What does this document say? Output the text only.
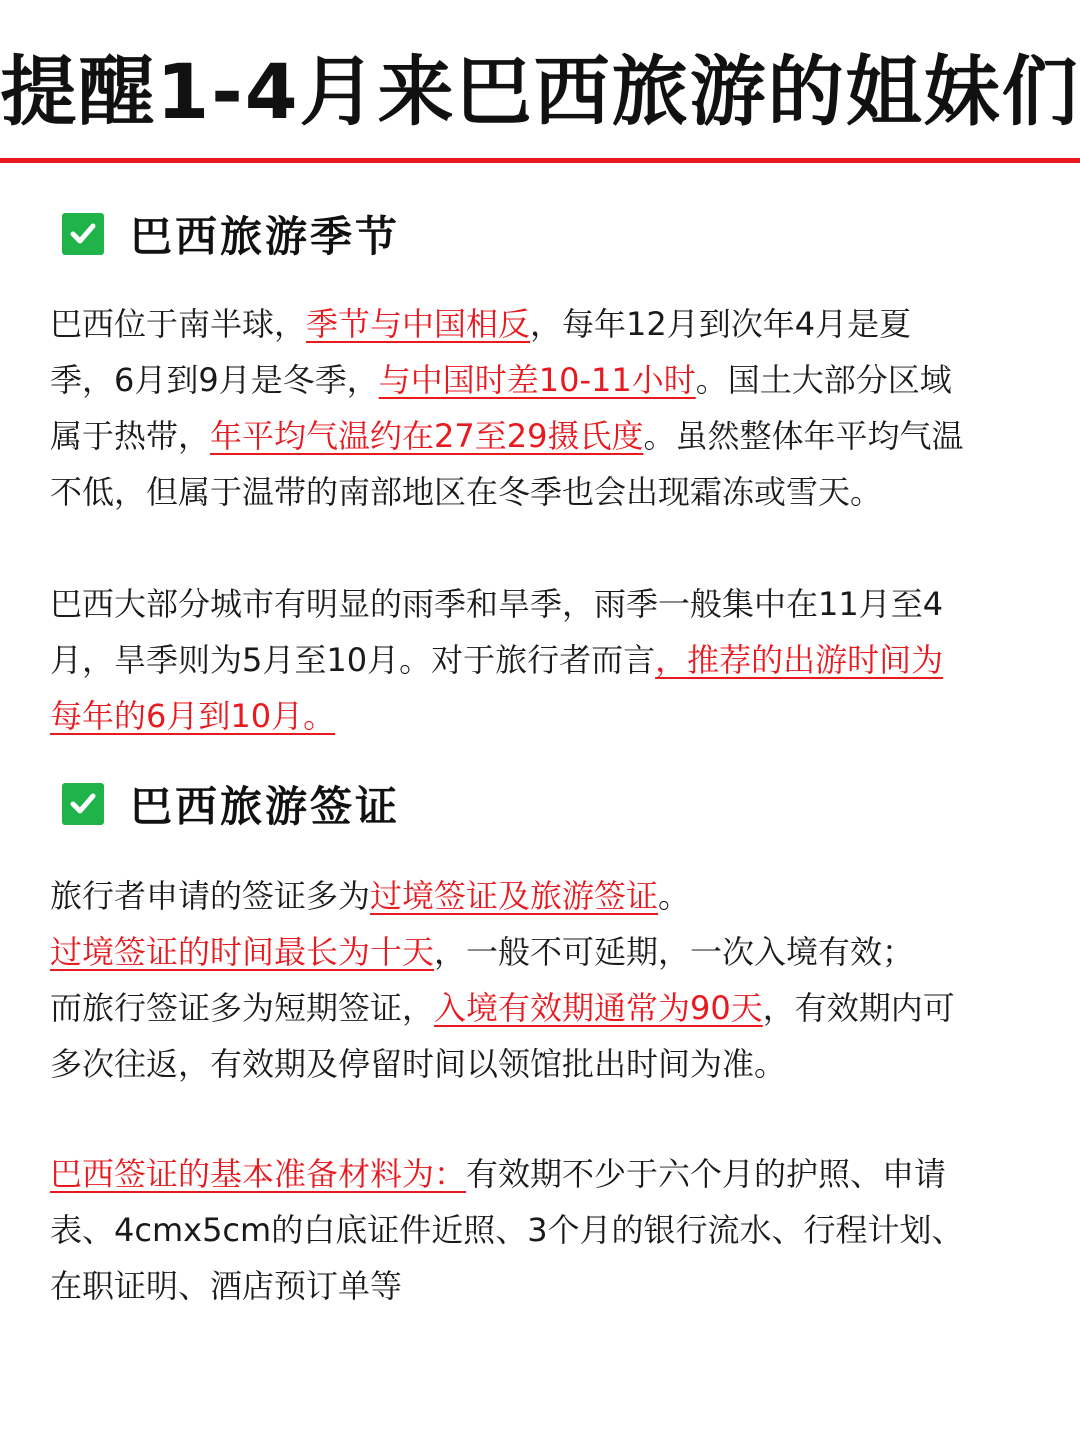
提醒1-4月来巴西旅游的姐妹们
巴西旅游季节
巴西位于南半球，季节与中国相反，每年12月到次年4月是夏
季，6月到9月是冬季，与中国时差10-11小时。国土大部分区域
属于热带，年平均气温约在27至29摄氏度。虽然整体年平均气温
不低，但属于温带的南部地区在冬季也会出现霜冻或雪天。
巴西大部分城市有明显的雨季和旱季，雨季一般集中在11月至4
月，旱季则为5月至10月。对于旅行者而言，推荐的出游时间为
每年的6月到10月。
巴西旅游签证
旅行者申请的签证多为过境签证及旅游签证。
过境签证的时间最长为十天，一般不可延期，一次入境有效；
而旅行签证多为短期签证，入境有效期通常为90天，有效期内可
多次往返，有效期及停留时间以领馆批出时间为准。
巴西签证的基本准备材料为：有效期不少于六个月的护照、申请
表、4cmx5cm的白底证件近照、3个月的银行流水、行程计划、
在职证明、酒店预订单等
